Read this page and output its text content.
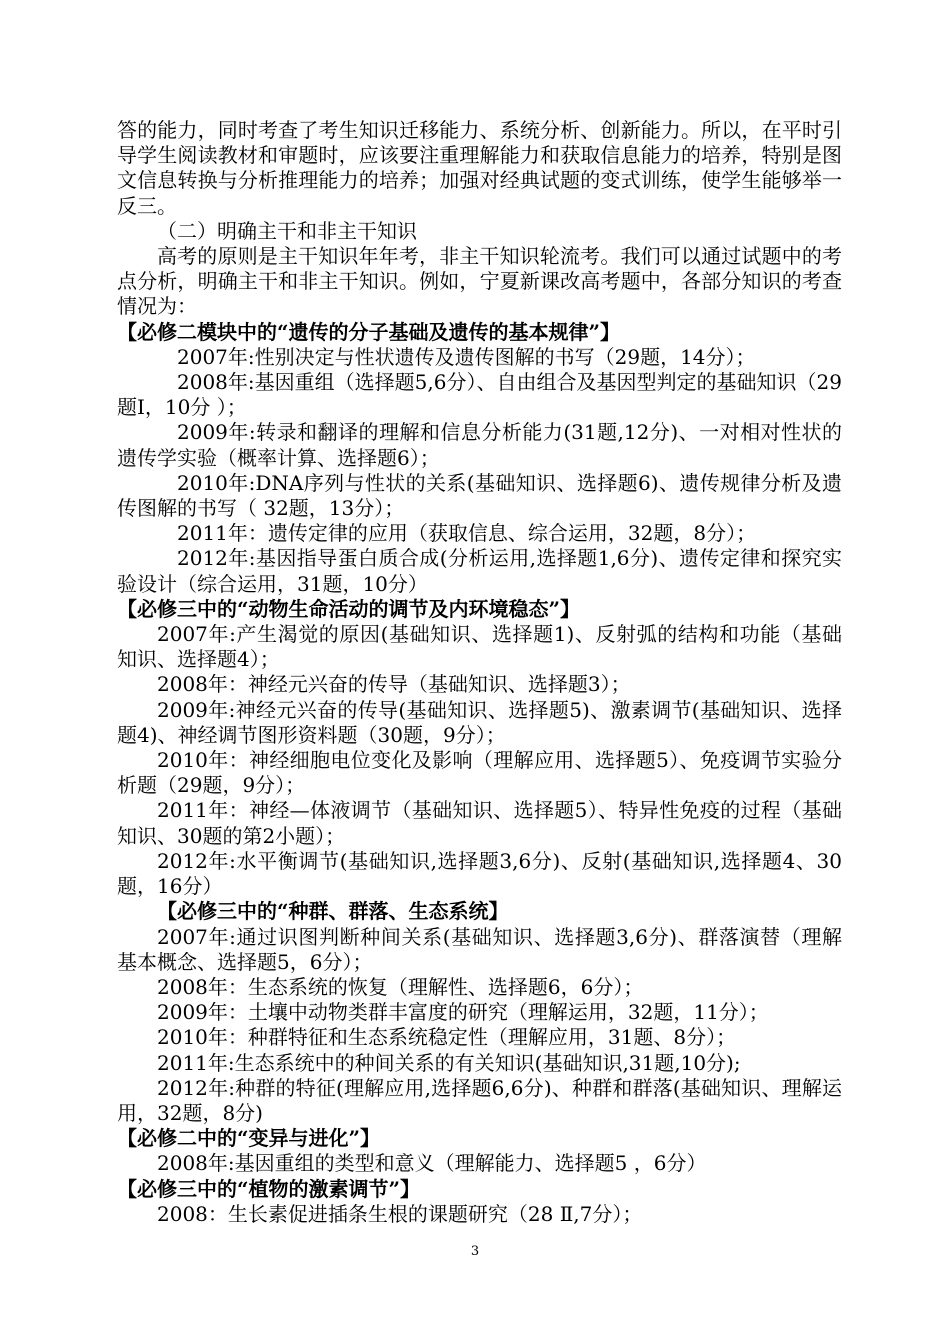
答的能力，同时考查了考生知识迁移能力、系统分析、创新能力。所以，在平时引导学生阅读教材和审题时，应该要注重理解能力和获取信息能力的培养，特别是图文信息转换与分析推理能力的培养；加强对经典试题的变式训练，使学生能够举一反三。

（二）明确主干和非主干知识

高考的原则是主干知识年年考，非主干知识轮流考。我们可以通过试题中的考点分析，明确主干和非主干知识。例如，宁夏新课改高考题中，各部分知识的考查情况为：

【必修二模块中的“遗传的分子基础及遗传的基本规律”】

2007年:性别决定与性状遗传及遗传图解的书写（29题，14分）；

2008年:基因重组（选择题5,6分）、自由组合及基因型判定的基础知识（29题Ⅰ，10分 ）；

2009年:转录和翻译的理解和信息分析能力(31题,12分)、一对相对性状的遗传学实验（概率计算、选择题6）；

2010年:DNA序列与性状的关系(基础知识、选择题6)、遗传规律分析及遗传图解的书写（ 32题，13分）；

2011年：遗传定律的应用（获取信息、综合运用，32题，8分）；

2012年:基因指导蛋白质合成(分析运用,选择题1,6分)、遗传定律和探究实验设计（综合运用，31题，10分）

【必修三中的“动物生命活动的调节及内环境稳态”】

2007年:产生渴觉的原因(基础知识、选择题1)、反射弧的结构和功能（基础知识、选择题4）；

2008年：神经元兴奋的传导（基础知识、选择题3）；

2009年:神经元兴奋的传导(基础知识、选择题5)、激素调节(基础知识、选择题4)、神经调节图形资料题（30题，9分）；

2010年：神经细胞电位变化及影响（理解应用、选择题5）、免疫调节实验分析题（29题，9分）；

2011年：神经—体液调节（基础知识、选择题5）、特异性免疫的过程（基础知识、30题的第2小题）；

2012年:水平衡调节(基础知识,选择题3,6分)、反射(基础知识,选择题4、30题，16分）

【必修三中的“种群、群落、生态系统】

2007年:通过识图判断种间关系(基础知识、选择题3,6分)、群落演替（理解基本概念、选择题5，6分）；

2008年：生态系统的恢复（理解性、选择题6，6分）；

2009年：土壤中动物类群丰富度的研究（理解运用，32题，11分）；

2010年：种群特征和生态系统稳定性（理解应用，31题、8分）；

2011年:生态系统中的种间关系的有关知识(基础知识,31题,10分);

2012年:种群的特征(理解应用,选择题6,6分)、种群和群落(基础知识、理解运用，32题，8分)

【必修二中的“变异与进化”】

2008年:基因重组的类型和意义（理解能力、选择题5 ，6分）

【必修三中的“植物的激素调节”】

2008：生长素促进插条生根的课题研究（28 Ⅱ,7分）；

3
